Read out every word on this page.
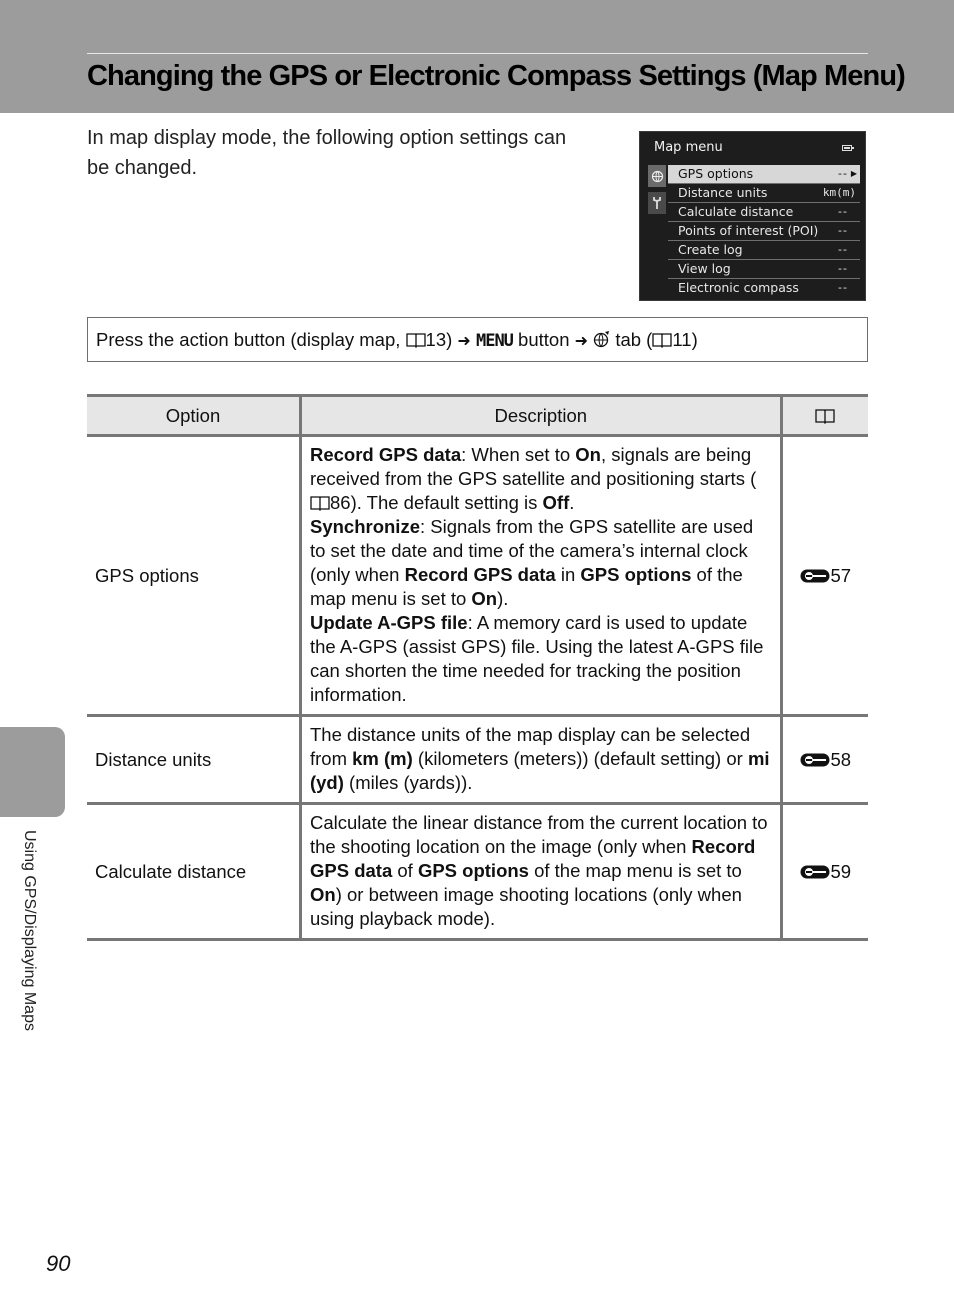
Changing the GPS or Electronic Compass Settings (Map Menu)
In map display mode, the following option settings can be changed.
Map menu
GPS options	-- ▶
Distance units	km(m)
Calculate distance	--
Points of interest (POI) --
Create log	--
View log	--
Electronic compass	--
Press the action button (display map, 13) ➜ MENU button ➜  tab ( 11)
Option	Description	
GPS options	Record GPS data: When set to On, signals are being received from the GPS satellite and positioning starts (86). The default setting is Off.
Synchronize: Signals from the GPS satellite are used to set the date and time of the camera’s internal clock (only when Record GPS data in GPS options of the map menu is set to On).
Update A-GPS file: A memory card is used to update the A-GPS (assist GPS) file. Using the latest A-GPS file can shorten the time needed for tracking the position information.	57
Distance units	The distance units of the map display can be selected from km (m) (kilometers (meters)) (default setting) or mi (yd) (miles (yards)).	58
Calculate distance	Calculate the linear distance from the current location to the shooting location on the image (only when Record GPS data of GPS options of the map menu is set to On) or between image shooting locations (only when using playback mode).	59
Using GPS/Displaying Maps
90
